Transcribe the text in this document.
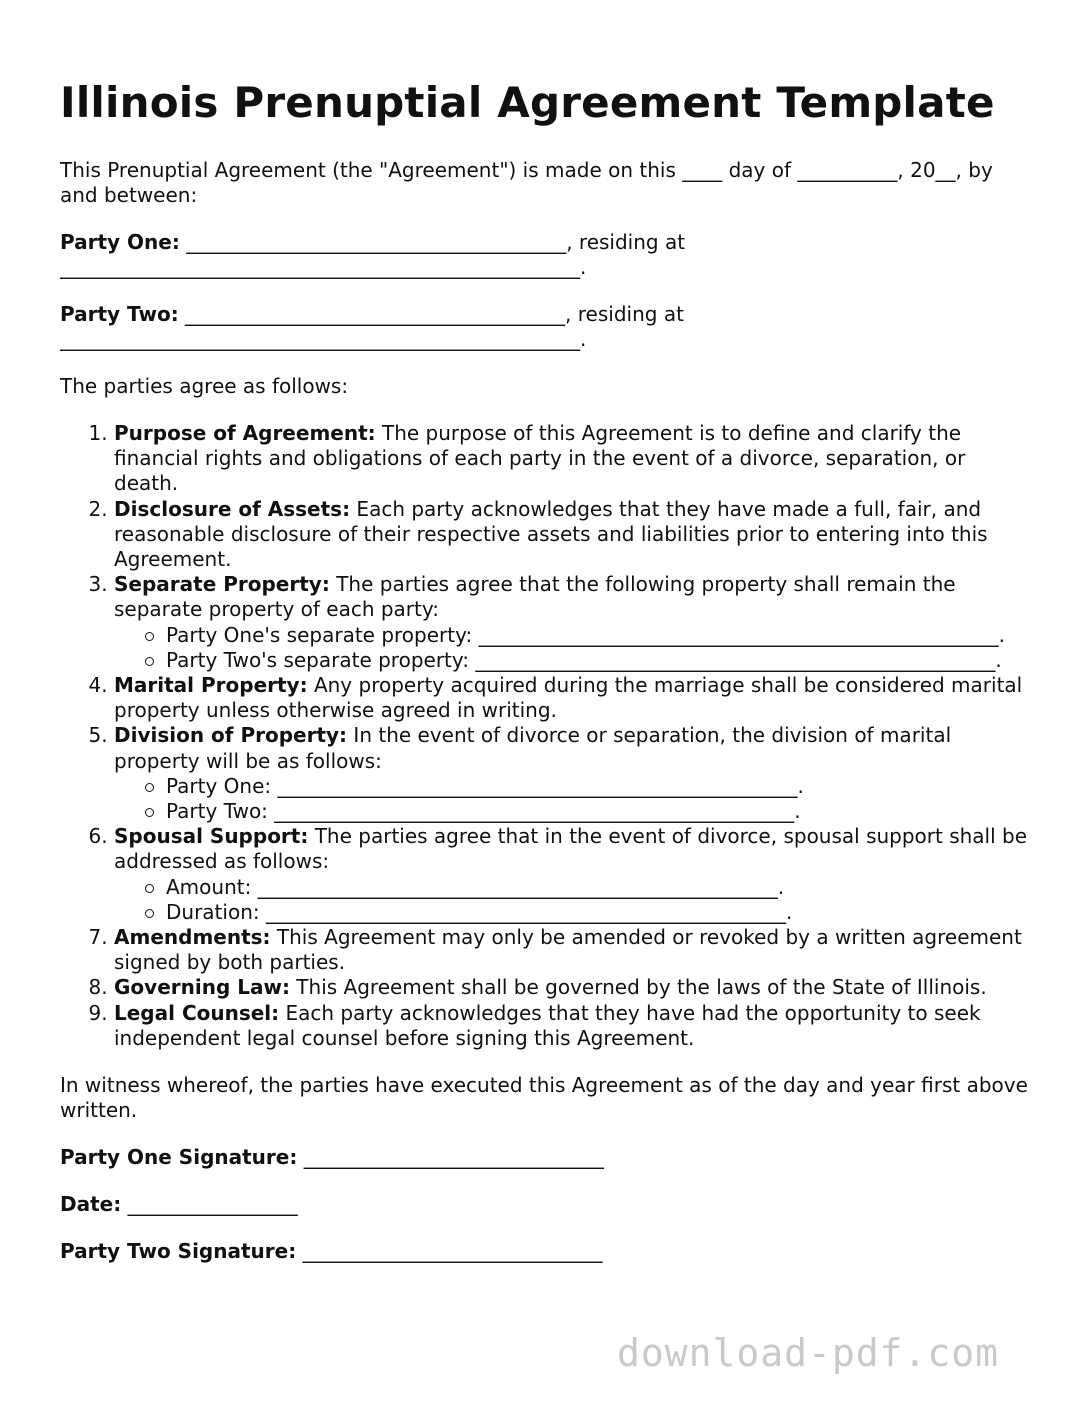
Illinois Prenuptial Agreement Template

This Prenuptial Agreement (the "Agreement") is made on this ____ day of __________, 20__, by and between:

Party One: ______________________________________, residing at ____________________________________________________.

Party Two: ______________________________________, residing at ____________________________________________________.

The parties agree as follows:

1. Purpose of Agreement: The purpose of this Agreement is to define and clarify the financial rights and obligations of each party in the event of a divorce, separation, or death.
2. Disclosure of Assets: Each party acknowledges that they have made a full, fair, and reasonable disclosure of their respective assets and liabilities prior to entering into this Agreement.
3. Separate Property: The parties agree that the following property shall remain the separate property of each party:
Party One's separate property: ____________________________________________________.
Party Two's separate property: ____________________________________________________.
4. Marital Property: Any property acquired during the marriage shall be considered marital property unless otherwise agreed in writing.
5. Division of Property: In the event of divorce or separation, the division of marital property will be as follows:
Party One: ____________________________________________________.
Party Two: ____________________________________________________.
6. Spousal Support: The parties agree that in the event of divorce, spousal support shall be addressed as follows:
Amount: ____________________________________________________.
Duration: ____________________________________________________.
7. Amendments: This Agreement may only be amended or revoked by a written agreement signed by both parties.
8. Governing Law: This Agreement shall be governed by the laws of the State of Illinois.
9. Legal Counsel: Each party acknowledges that they have had the opportunity to seek independent legal counsel before signing this Agreement.

In witness whereof, the parties have executed this Agreement as of the day and year first above written.

Party One Signature: ______________________________

Date: _________________

Party Two Signature: ______________________________

download-pdf.com
